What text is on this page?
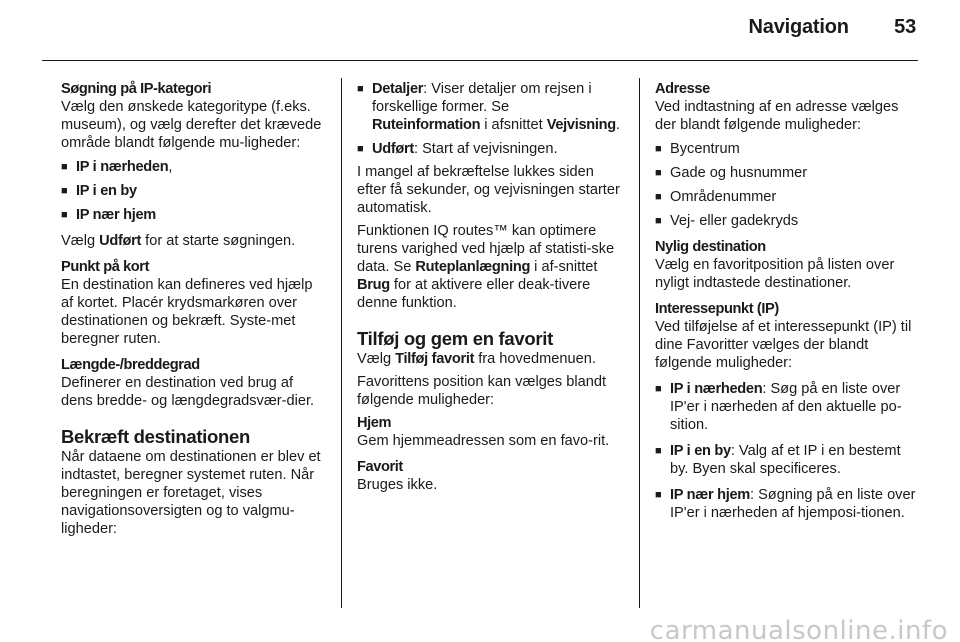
Navigation 53
Søgning på IP-kategori

Vælg den ønskede kategoritype (f.eks. museum), og vælg derefter det krævede område blandt følgende mu-ligheder:

■ IP i nærheden,
■ IP i en by
■ IP nær hjem

Vælg Udført for at starte søgningen.

Punkt på kort

En destination kan defineres ved hjælp af kortet. Placér krydsmarkøren over destinationen og bekræft. Syste-met beregner ruten.

Længde-/breddegrad

Definerer en destination ved brug af dens bredde- og længdegradsvær-dier.

Bekræft destinationen

Når dataene om destinationen er blev et indtastet, beregner systemet ruten. Når beregningen er foretaget, vises navigationsoversigten og to valgmu-ligheder:

■ Detaljer: Viser detaljer om rejsen i forskellige former. Se Ruteinformation i afsnittet Vejvisning.
■ Udført: Start af vejvisningen.

I mangel af bekræftelse lukkes siden efter få sekunder, og vejvisningen starter automatisk.

Funktionen IQ routes™ kan optimere turens varighed ved hjælp af statisti-ske data. Se Ruteplanlægning i af-snittet Brug for at aktivere eller deak-tivere denne funktion.

Tilføj og gem en favorit

Vælg Tilføj favorit fra hovedmenuen.

Favorittens position kan vælges blandt følgende muligheder:

Hjem

Gem hjemmeadressen som en favo-rit.

Favorit

Bruges ikke.

Adresse

Ved indtastning af en adresse vælges der blandt følgende muligheder:

■ Bycentrum
■ Gade og husnummer
■ Områdenummer
■ Vej- eller gadekryds
Nylig destination

Vælg en favoritposition på listen over nyligt indtastede destinationer.

Interessepunkt (IP)

Ved tilføjelse af et interessepunkt (IP) til dine Favoritter vælges der blandt følgende muligheder:

■ IP i nærheden: Søg på en liste over IP'er i nærheden af den aktuelle po-sition.
■ IP i en by: Valg af et IP i en bestemt by. Byen skal specificeres.
■ IP nær hjem: Søgning på en liste over IP'er i nærheden af hjemposi-tionen.
carmanualsonline.info
